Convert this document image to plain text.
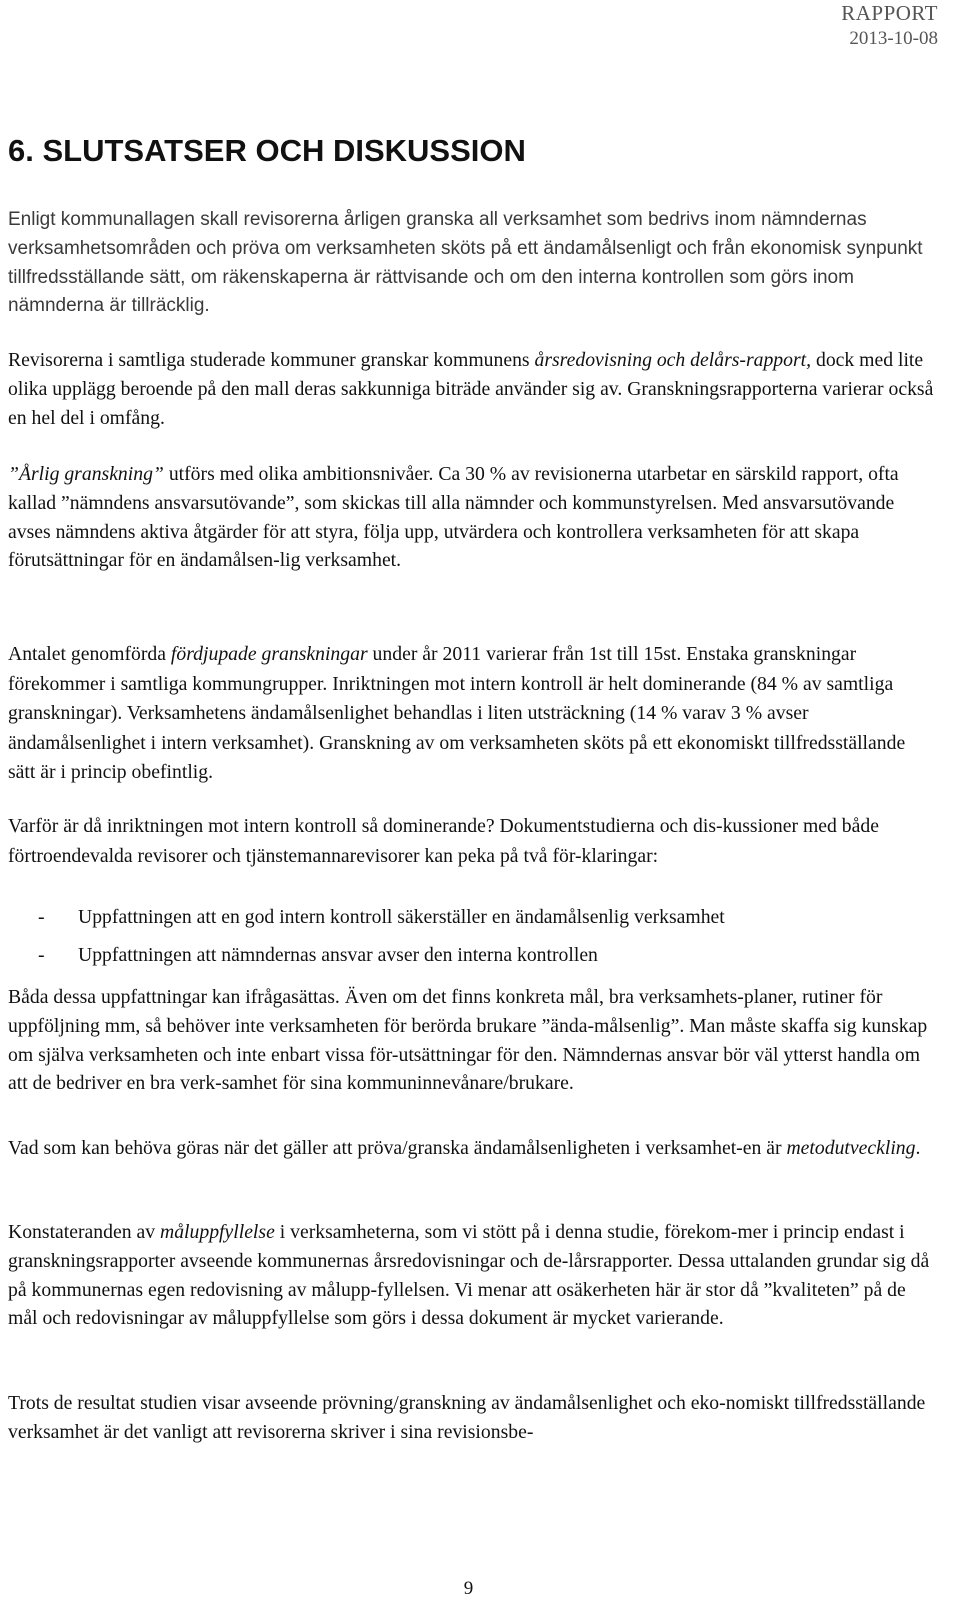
RAPPORT
2013-10-08
6. SLUTSATSER OCH DISKUSSION
Enligt kommunallagen skall revisorerna årligen granska all verksamhet som bedrivs inom nämndernas verksamhetsområden och pröva om verksamheten sköts på ett ändamålsenligt och från ekonomisk synpunkt tillfredsställande sätt, om räkenskaperna är rättvisande och om den interna kontrollen som görs inom nämnderna är tillräcklig.
Revisorerna i samtliga studerade kommuner granskar kommunens årsredovisning och delårs-rapport, dock med lite olika upplägg beroende på den mall deras sakkunniga biträde använder sig av. Granskningsrapporterna varierar också en hel del i omfång.
”Årlig granskning” utförs med olika ambitionsnivåer. Ca 30 % av revisionerna utarbetar en särskild rapport, ofta kallad ”nämndens ansvarsutövande”, som skickas till alla nämnder och kommunstyrelsen. Med ansvarsutövande avses nämndens aktiva åtgärder för att styra, följa upp, utvärdera och kontrollera verksamheten för att skapa förutsättningar för en ändamålsen-lig verksamhet.
Antalet genomförda fördjupade granskningar under år 2011 varierar från 1st till 15st. Enstaka granskningar förekommer i samtliga kommungrupper. Inriktningen mot intern kontroll är helt dominerande (84 % av samtliga granskningar). Verksamhetens ändamålsenlighet behandlas i liten utsträckning (14 % varav 3 % avser ändamålsenlighet i intern verksamhet). Granskning av om verksamheten sköts på ett ekonomiskt tillfredsställande sätt är i princip obefintlig.
Varför är då inriktningen mot intern kontroll så dominerande? Dokumentstudierna och dis-kussioner med både förtroendevalda revisorer och tjänstemannarevisorer kan peka på två för-klaringar:
- Uppfattningen att en god intern kontroll säkerställer en ändamålsenlig verksamhet
- Uppfattningen att nämndernas ansvar avser den interna kontrollen
Båda dessa uppfattningar kan ifrågasättas. Även om det finns konkreta mål, bra verksamhets-planer, rutiner för uppföljning mm, så behöver inte verksamheten för berörda brukare ”ända-målsenlig”. Man måste skaffa sig kunskap om själva verksamheten och inte enbart vissa för-utsättningar för den. Nämndernas ansvar bör väl ytterst handla om att de bedriver en bra verk-samhet för sina kommuninnevånare/brukare.
Vad som kan behöva göras när det gäller att pröva/granska ändamålsenligheten i verksamhet-en är metodutveckling.
Konstateranden av måluppfyllelse i verksamheterna, som vi stött på i denna studie, förekom-mer i princip endast i granskningsrapporter avseende kommunernas årsredovisningar och de-lårsrapporter. Dessa uttalanden grundar sig då på kommunernas egen redovisning av målupp-fyllelsen. Vi menar att osäkerheten här är stor då ”kvaliteten” på de mål och redovisningar av måluppfyllelse som görs i dessa dokument är mycket varierande.
Trots de resultat studien visar avseende prövning/granskning av ändamålsenlighet och eko-nomiskt tillfredsställande verksamhet är det vanligt att revisorerna skriver i sina revisionsbe-
9
